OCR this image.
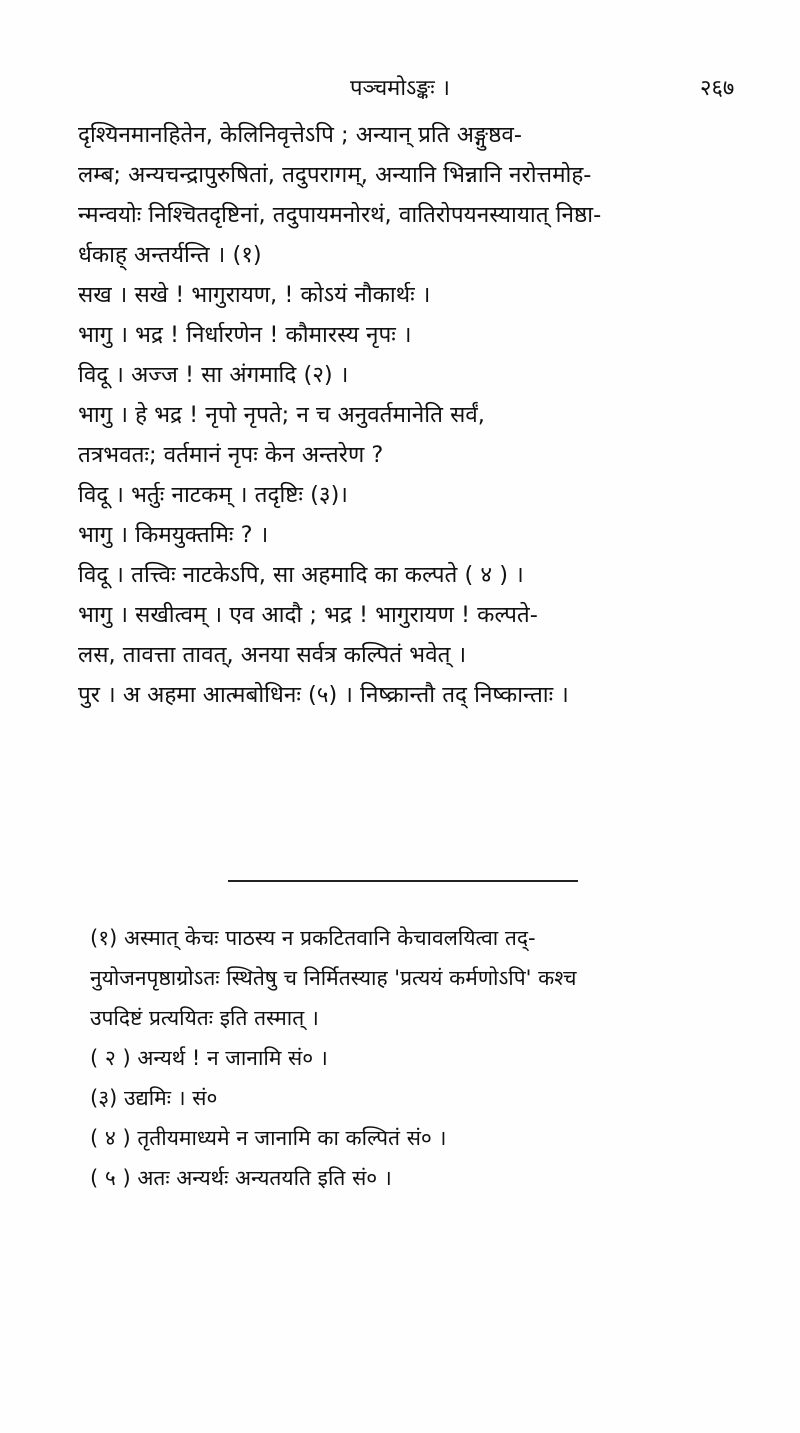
पञ्चमोऽङ्कः ।	२६७
दृश्यिनमानहितेन, केलिनिवृत्तेऽपि ; अन्यान् प्रति अङ्गुष्ठव-
लम्ब; अन्यचन्द्रापुरुषितां, तदुपरागम्, अन्यानि भिन्नानि नरोत्तमोह-
न्मन्वयोः निश्चितदृष्टिनां, तदुपायमनोरथं, वातिरोपयनस्यायात् निष्ठा-
र्धकाह् अन्तर्यन्ति । (१)
सख । सखे ! भागुरायण, ! कोऽयं नौकार्थः ।
भागु । भद्र ! निर्धारणेन ! कौमारस्य नृपः ।
विदू । अज्ज ! सा अंगमादि (२) ।
भागु । हे भद्र ! नृपो नृपते; न च अनुवर्तमानेति सर्वं,
तत्रभवतः; वर्तमानं नृपः केन अन्तरेण ?
विदू । भर्तुः नाटकम् । तदृष्टिः (३)।
भागु । किमयुक्तमिः ? ।
विदू । तत्त्विः नाटकेऽपि, सा अहमादि का कल्पते ( ४ ) ।
भागु । सखीत्वम् । एव आदौ ; भद्र ! भागुरायण ! कल्पते-
लस, तावत्ता तावत्, अनया सर्वत्र कल्पितं भवेत् ।
पुर । अ अहमा आत्मबोधिनः (५) । निष्क्रान्तौ तद् निष्कान्ताः ।
(१) अस्मात् केचः पाठस्य न प्रकटितवानि केचावलयित्वा तद्-
नुयोजनपृष्ठाग्रोऽतः स्थितेषु च निर्मितस्याह 'प्रत्ययं कर्मणोऽपि' कश्च
उपदिष्टं प्रत्ययितः इति तस्मात् ।
( २ ) अन्यर्थ ! न जानामि सं० ।
(३) उद्यमिः । सं०
( ४ ) तृतीयमाध्यमे न जानामि का कल्पितं सं० ।
( ५ ) अतः अन्यर्थः अन्यतयति इति सं० ।
